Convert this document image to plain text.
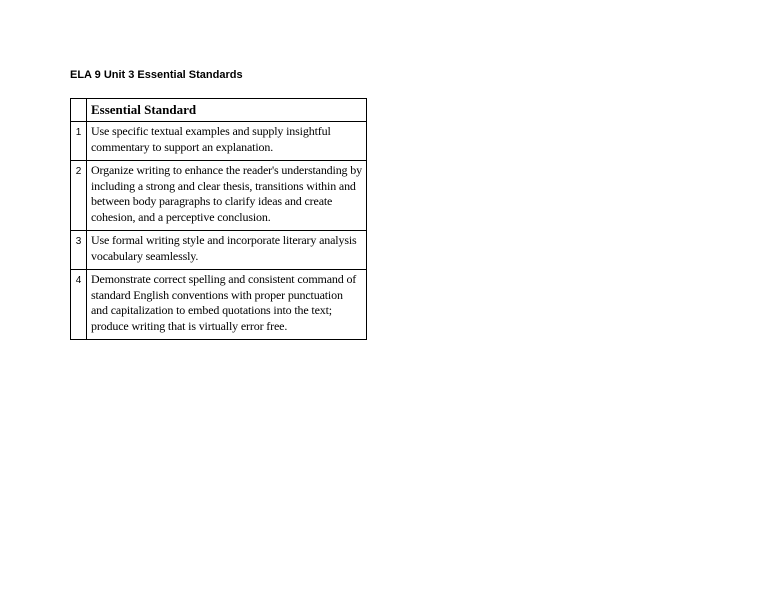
ELA 9 Unit 3 Essential Standards
	Essential Standard
1	Use specific textual examples and supply insightful commentary to support an explanation.
2	Organize writing to enhance the reader's understanding by including a strong and clear thesis, transitions within and between body paragraphs to clarify ideas and create cohesion, and a perceptive conclusion.
3	Use formal writing style and incorporate literary analysis vocabulary seamlessly.
4	Demonstrate correct spelling and consistent command of standard English conventions with proper punctuation and capitalization to embed quotations into the text; produce writing that is virtually error free.
